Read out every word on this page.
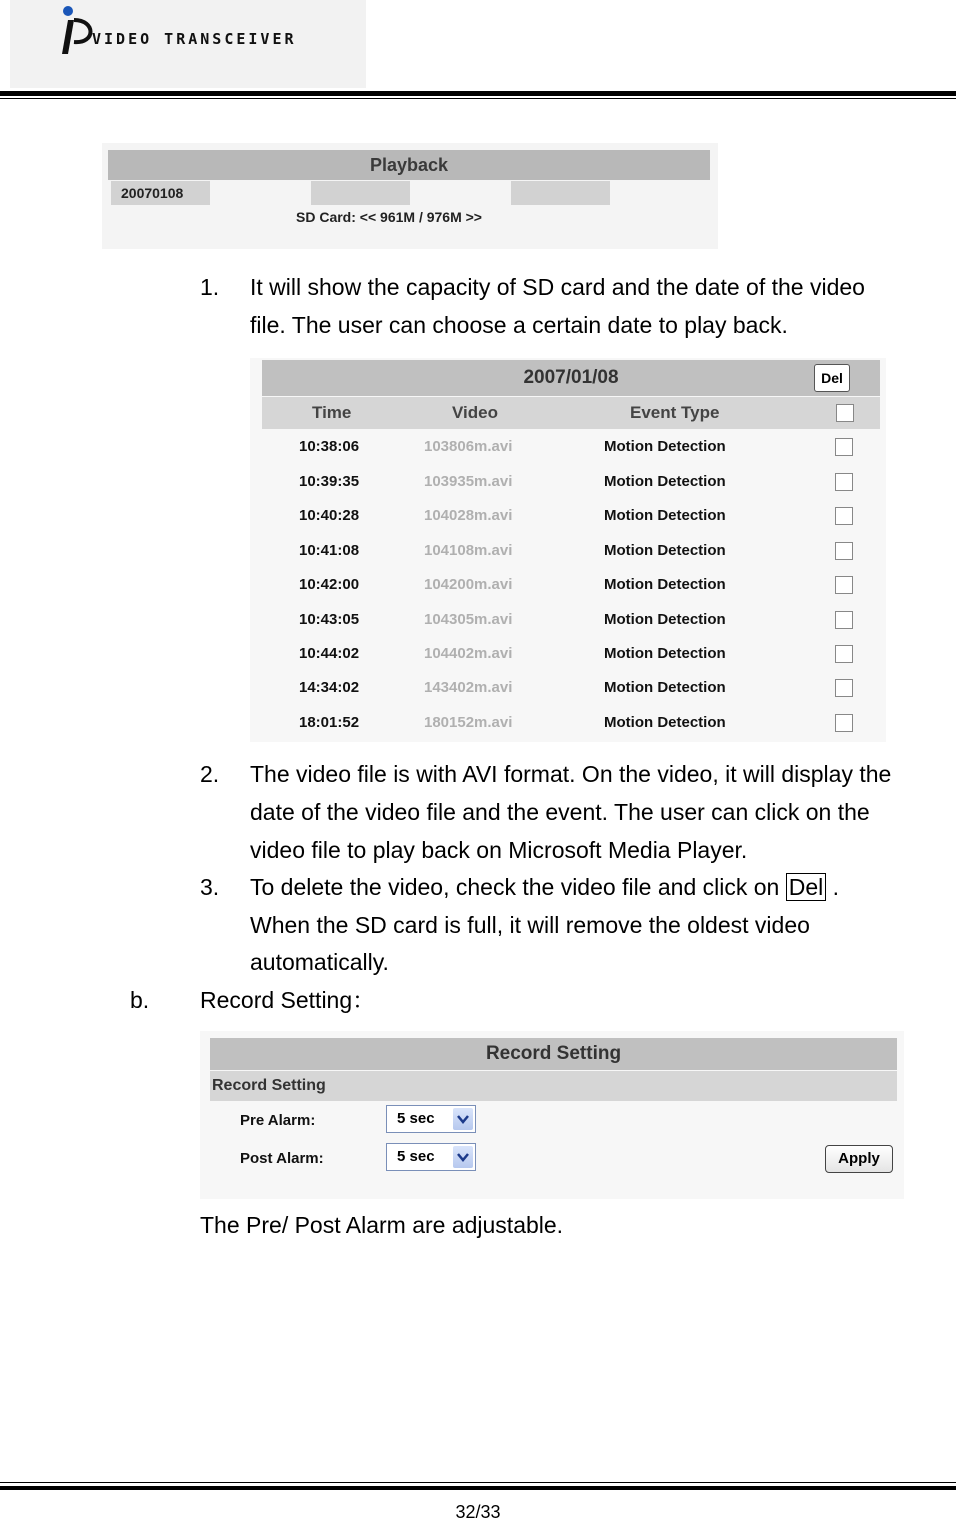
VIDEO TRANSCEIVER
Playback
20070108
SD Card: << 961M / 976M >>
1. It will show the capacity of SD card and the date of the video
file. The user can choose a certain date to play back.
2007/01/08	Del
Time	Video	Event Type
10:38:06	103806m.avi	Motion Detection
10:39:35	103935m.avi	Motion Detection
10:40:28	104028m.avi	Motion Detection
10:41:08	104108m.avi	Motion Detection
10:42:00	104200m.avi	Motion Detection
10:43:05	104305m.avi	Motion Detection
10:44:02	104402m.avi	Motion Detection
14:34:02	143402m.avi	Motion Detection
18:01:52	180152m.avi	Motion Detection
2. The video file is with AVI format. On the video, it will display the
date of the video file and the event. The user can click on the
video file to play back on Microsoft Media Player.
3. To delete the video, check the video file and click on Del .
When the SD card is full, it will remove the oldest video
automatically.
b. Record Setting：
Record Setting
Record Setting
Pre Alarm:	5 sec
Post Alarm:	5 sec	Apply
The Pre/ Post Alarm are adjustable.
32/33
